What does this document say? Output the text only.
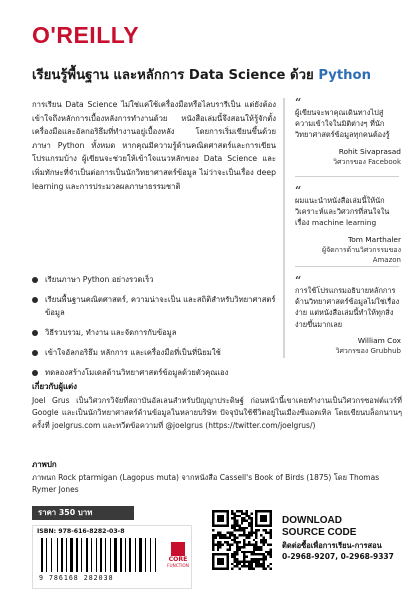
O'REILLY
เรียนรู้พื้นฐาน และหลักการ Data Science ด้วย Python
การเรียน Data Science ไม่ใช่แค่ใช้เครื่องมือหรือไลบรารีเป็น แต่ยังต้องเข้าใจถึงหลักการเบื้องหลังการทำงานด้วย หนังสือเล่มนี้จึงสอนให้รู้จักตั้งเครื่องมือและอัลกอริธึมที่ทำงานอยู่เบื้องหลัง โดยการเริ่มเขียนขึ้นด้วยภาษา Python ทั้งหมด หากคุณมีความรู้ด้านคณิตศาสตร์และการเขียนโปรแกรมบ้าง ผู้เขียนจะช่วยให้เข้าใจแนวหลักของ Data Science และเพิ่มทักษะที่จำเป็นต่อการเป็นนักวิทยาศาสตร์ข้อมูล ไม่ว่าจะเป็นเรื่อง deep learning และการประมวลผลภาษาธรรมชาติ
เรียนภาษา Python อย่างรวดเร็ว
เรียนพื้นฐานคณิตศาสตร์, ความน่าจะเป็น และสถิติสำหรับวิทยาศาสตร์ข้อมูล
วิธีรวบรวม, ทำงาน และจัดการกับข้อมูล
เข้าใจอัลกอริธึม หลักการ และเครื่องมือที่เป็นที่นิยมใช้
ทดลองสร้างโมเดลด้านวิทยาศาสตร์ข้อมูลด้วยตัวคุณเอง
“
ผู้เขียนจะพาคุณเดินทางไปสู่ความเข้าใจในมิติต่างๆ ที่นักวิทยาศาสตร์ข้อมูลทุกคนต้องรู้
Rohit Sivaprasad
วิศวกรของ Facebook
“
ผมแนะนำหนังสือเล่มนี้ให้นักวิเคราะห์และวิศวกรที่สนใจในเรื่อง machine learning
Tom Marthaler
ผู้จัดการด้านวิศวกรรมของ Amazon
“
การใช้โปรแกรมอธิบายหลักการด้านวิทยาศาสตร์ข้อมูลไม่ใช่เรื่องง่าย แต่หนังสือเล่มนี้ทำให้ทุกสิ่งง่ายขึ้นมากเลย
William Cox
วิศวกรของ Grubhub
เกี่ยวกับผู้แต่ง
Joel Grus เป็นวิศวกรวิจัยที่สถาบันอัลเลนสำหรับปัญญาประดิษฐ์ ก่อนหน้านี้เขาเคยทำงานเป็นวิศวกรซอฟต์แวร์ที่ Google และเป็นนักวิทยาศาสตร์ด้านข้อมูลในหลายบริษัท ปัจจุบันใช้ชีวิตอยู่ในเมืองซีแอตเทิล โดยเขียนบล็อกนานๆ ครั้งที่ joelgrus.com และทวีตข้อความที่ @joelgrus (https://twitter.com/joelgrus/)
ภาพปก
ภาพนก Rock ptarmigan (Lagopus muta) จากหนังสือ Cassell's Book of Birds (1875) โดย Thomas Rymer Jones
ราคา 350 บาท
ISBN: 978-616-8282-03-8
9 786168 282038
CORE
FUNCTION
DOWNLOAD
SOURCE CODE
ติดต่อซื้อเพื่อการเรียน-การสอน
0-2968-9207, 0-2968-9337
